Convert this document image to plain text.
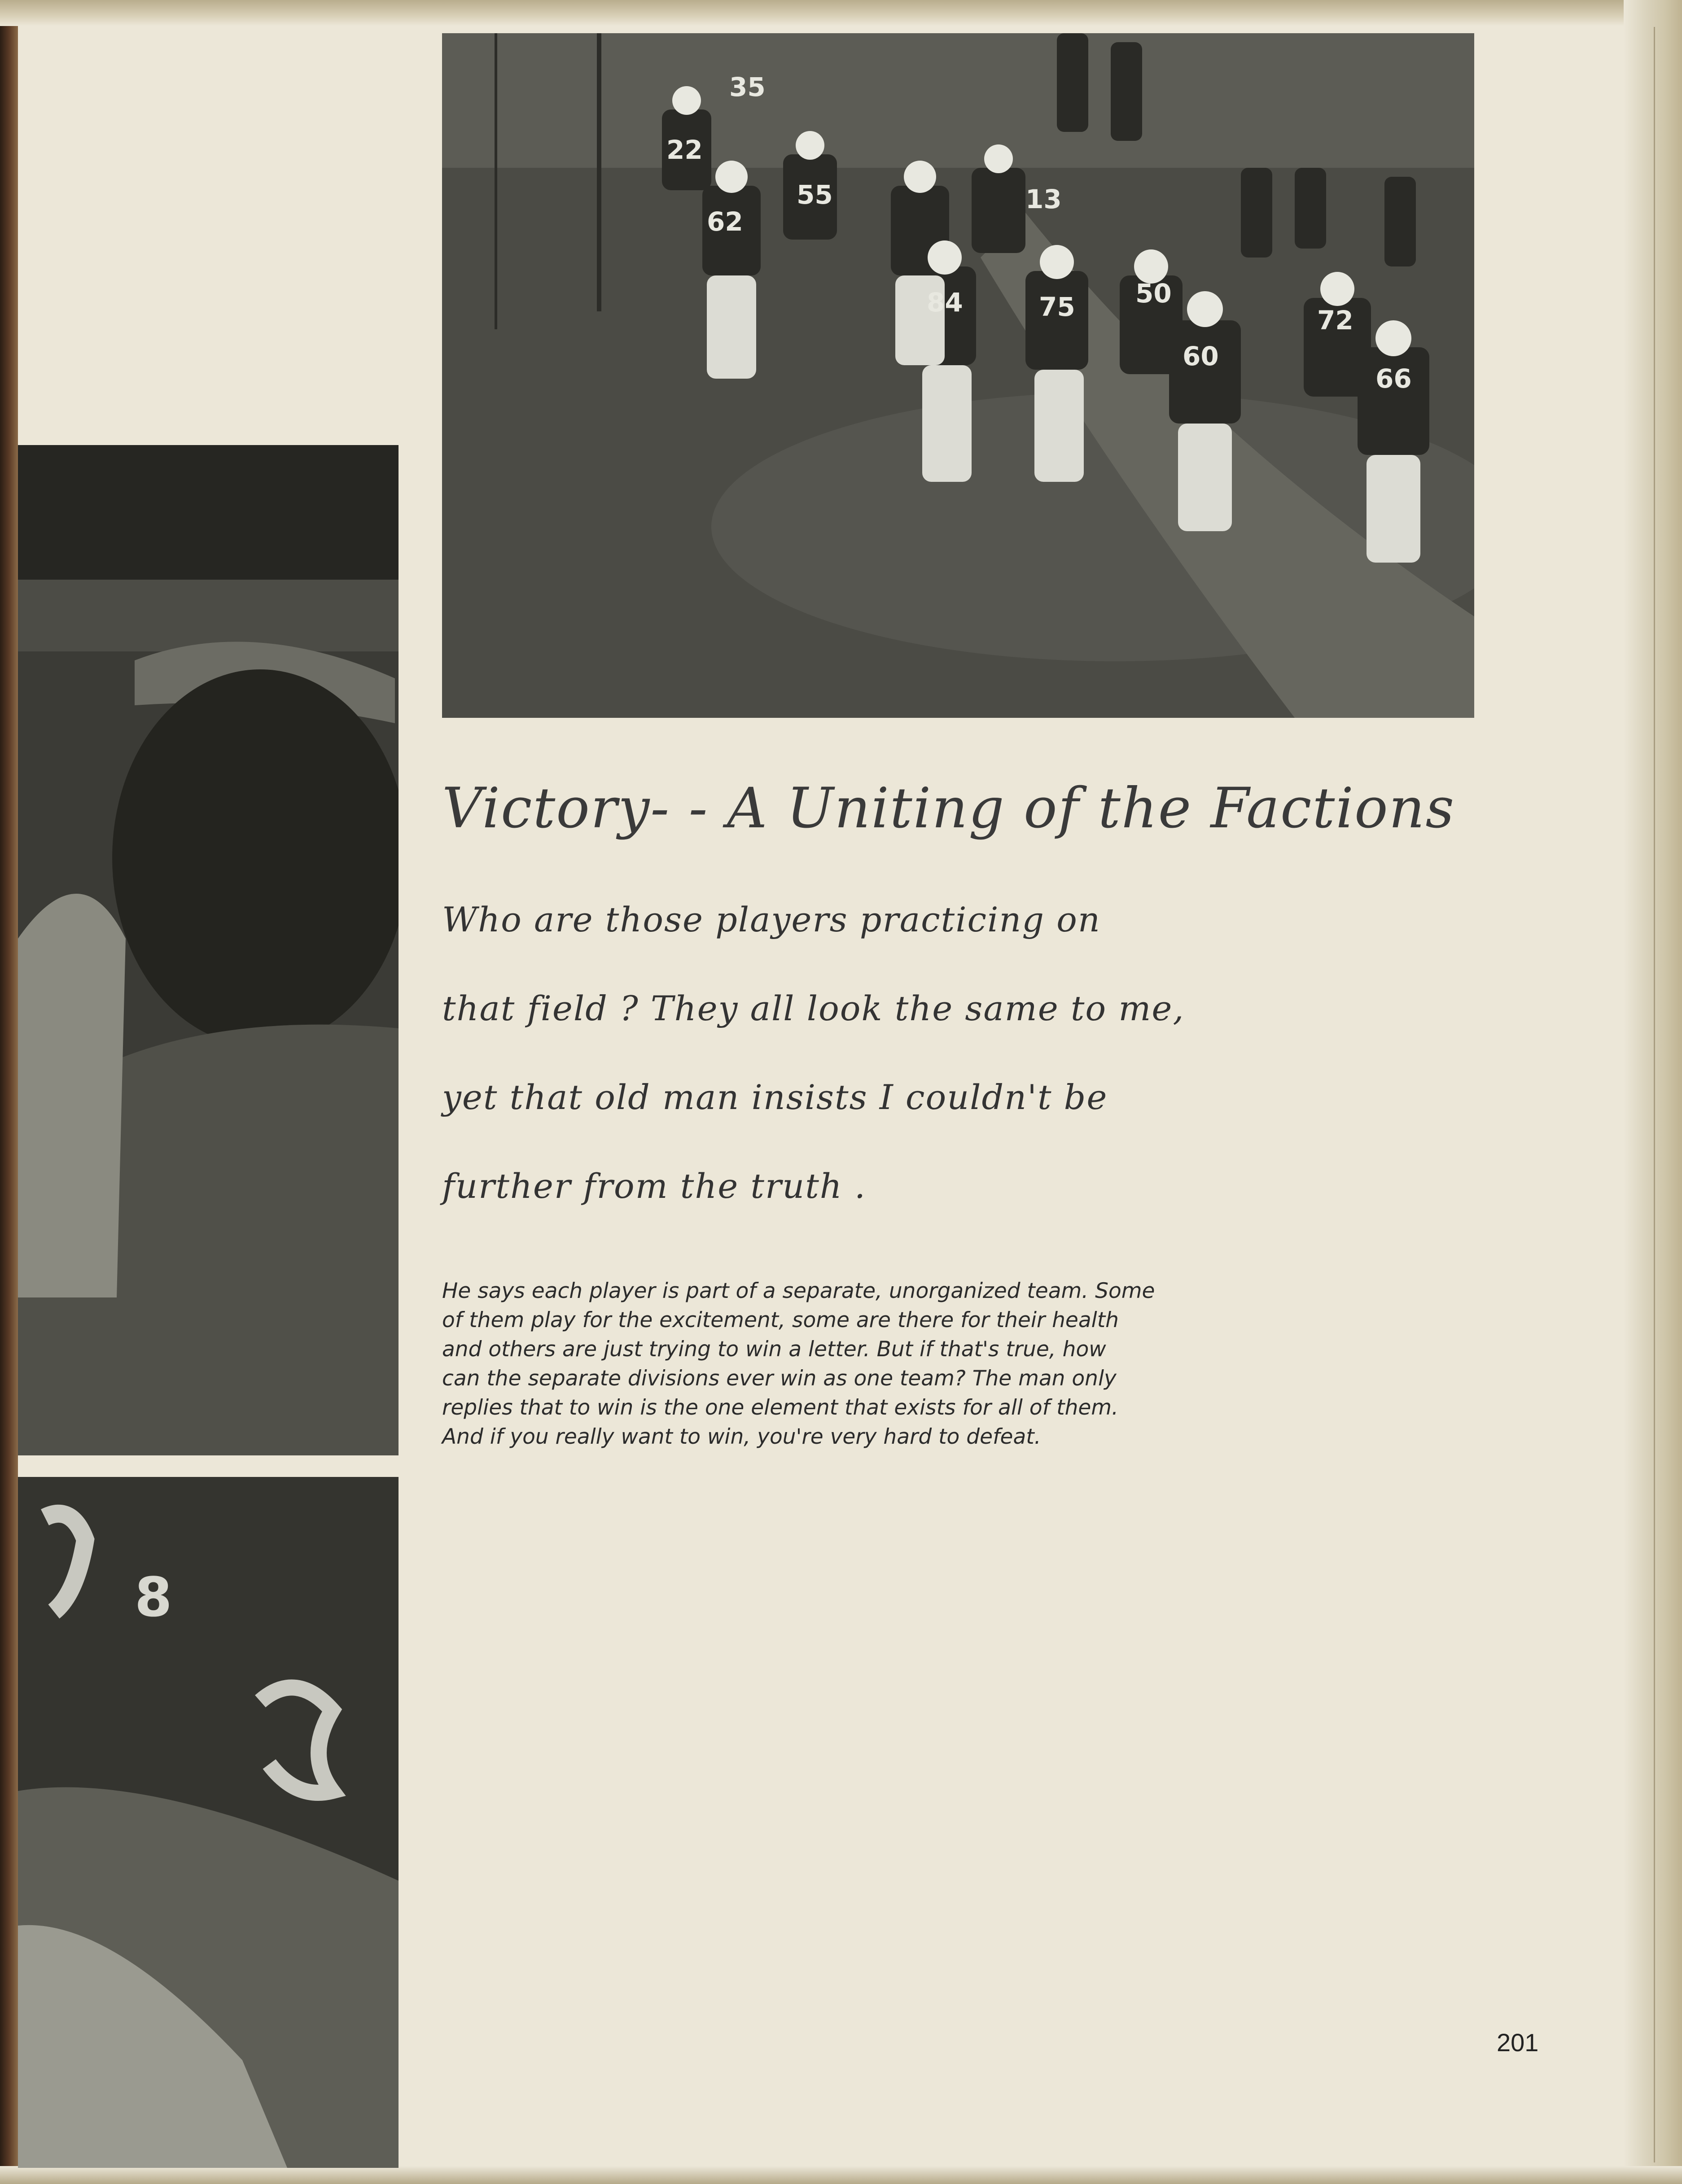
22
35
55
62
13
84	75 50
60
72
66
8
Victory- - A Uniting of the Factions
Who are those players practicing on
that field ? They all look the same to me,
yet that old man insists I couldn't be
further from the truth .
He says each player is part of a separate, unorganized team. Some
of them play for the excitement, some are there for their health
and others are just trying to win a letter. But if that's true, how
can the separate divisions ever win as one team? The man only
replies that to win is the one element that exists for all of them.
And if you really want to win, you're very hard to defeat.
201
